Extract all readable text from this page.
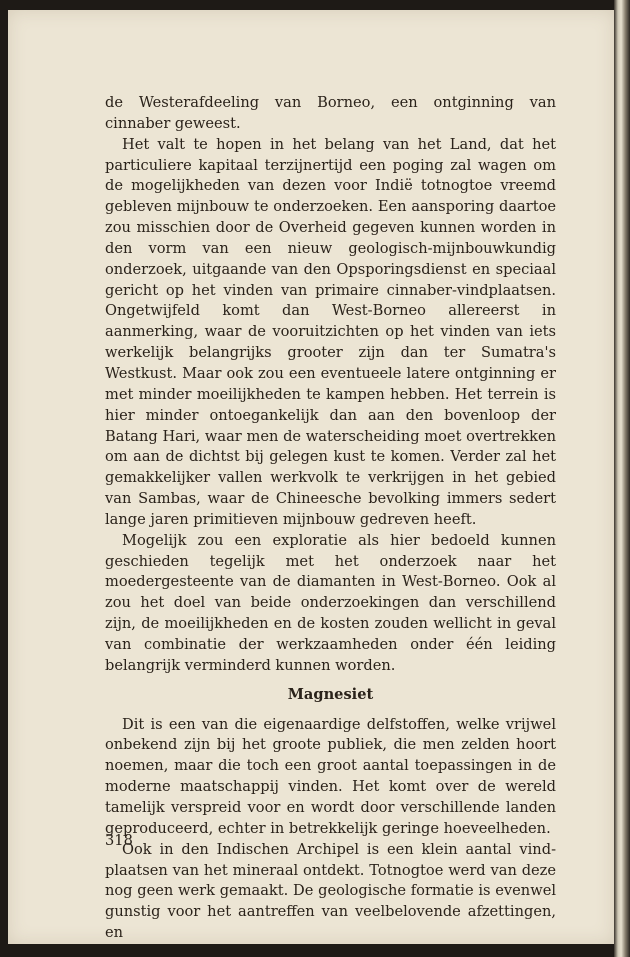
de Westerafdeeling van Borneo, een ontginning van cinnaber geweest.

Het valt te hopen in het belang van het Land, dat het particuliere kapitaal terzijnertijd een poging zal wagen om de mogelijkheden van dezen voor Indië totnogtoe vreemd gebleven mijnbouw te onderzoeken. Een aansporing daartoe zou misschien door de Overheid gegeven kunnen worden in den vorm van een nieuw geologisch-mijnbouwkundig onderzoek, uitgaande van den Opsporingsdienst en speciaal gericht op het vinden van primaire cinnaber-vindplaatsen. Ongetwijfeld komt dan West-Borneo allereerst in aanmerking, waar de vooruitzichten op het vinden van iets werkelijk belangrijks grooter zijn dan ter Sumatra's Westkust. Maar ook zou een eventueele latere ontginning er met minder moeilijkheden te kampen hebben. Het terrein is hier minder ontoegankelijk dan aan den bovenloop der Batang Hari, waar men de waterscheiding moet overtrekken om aan de dichtst bij gelegen kust te komen. Verder zal het gemakkelijker vallen werkvolk te verkrijgen in het gebied van Sambas, waar de Chineesche bevolking immers sedert lange jaren primitieven mijnbouw gedreven heeft.

Mogelijk zou een exploratie als hier bedoeld kunnen geschieden tegelijk met het onderzoek naar het moedergesteente van de diamanten in West-Borneo. Ook al zou het doel van beide onderzoekingen dan verschillend zijn, de moeilijkheden en de kosten zouden wellicht in geval van combinatie der werkzaamheden onder één leiding belangrijk verminderd kunnen worden.

Magnesiet

Dit is een van die eigenaardige delfstoffen, welke vrijwel onbekend zijn bij het groote publiek, die men zelden hoort noemen, maar die toch een groot aantal toepassingen in de moderne maatschappij vinden. Het komt over de wereld tamelijk verspreid voor en wordt door verschillende landen geproduceerd, echter in betrekkelijk geringe hoeveelheden.

Ook in den Indischen Archipel is een klein aantal vindplaatsen van het mineraal ontdekt. Totnogtoe werd van deze nog geen werk gemaakt. De geologische formatie is evenwel gunstig voor het aantreffen van veelbelovende afzettingen, en

318
